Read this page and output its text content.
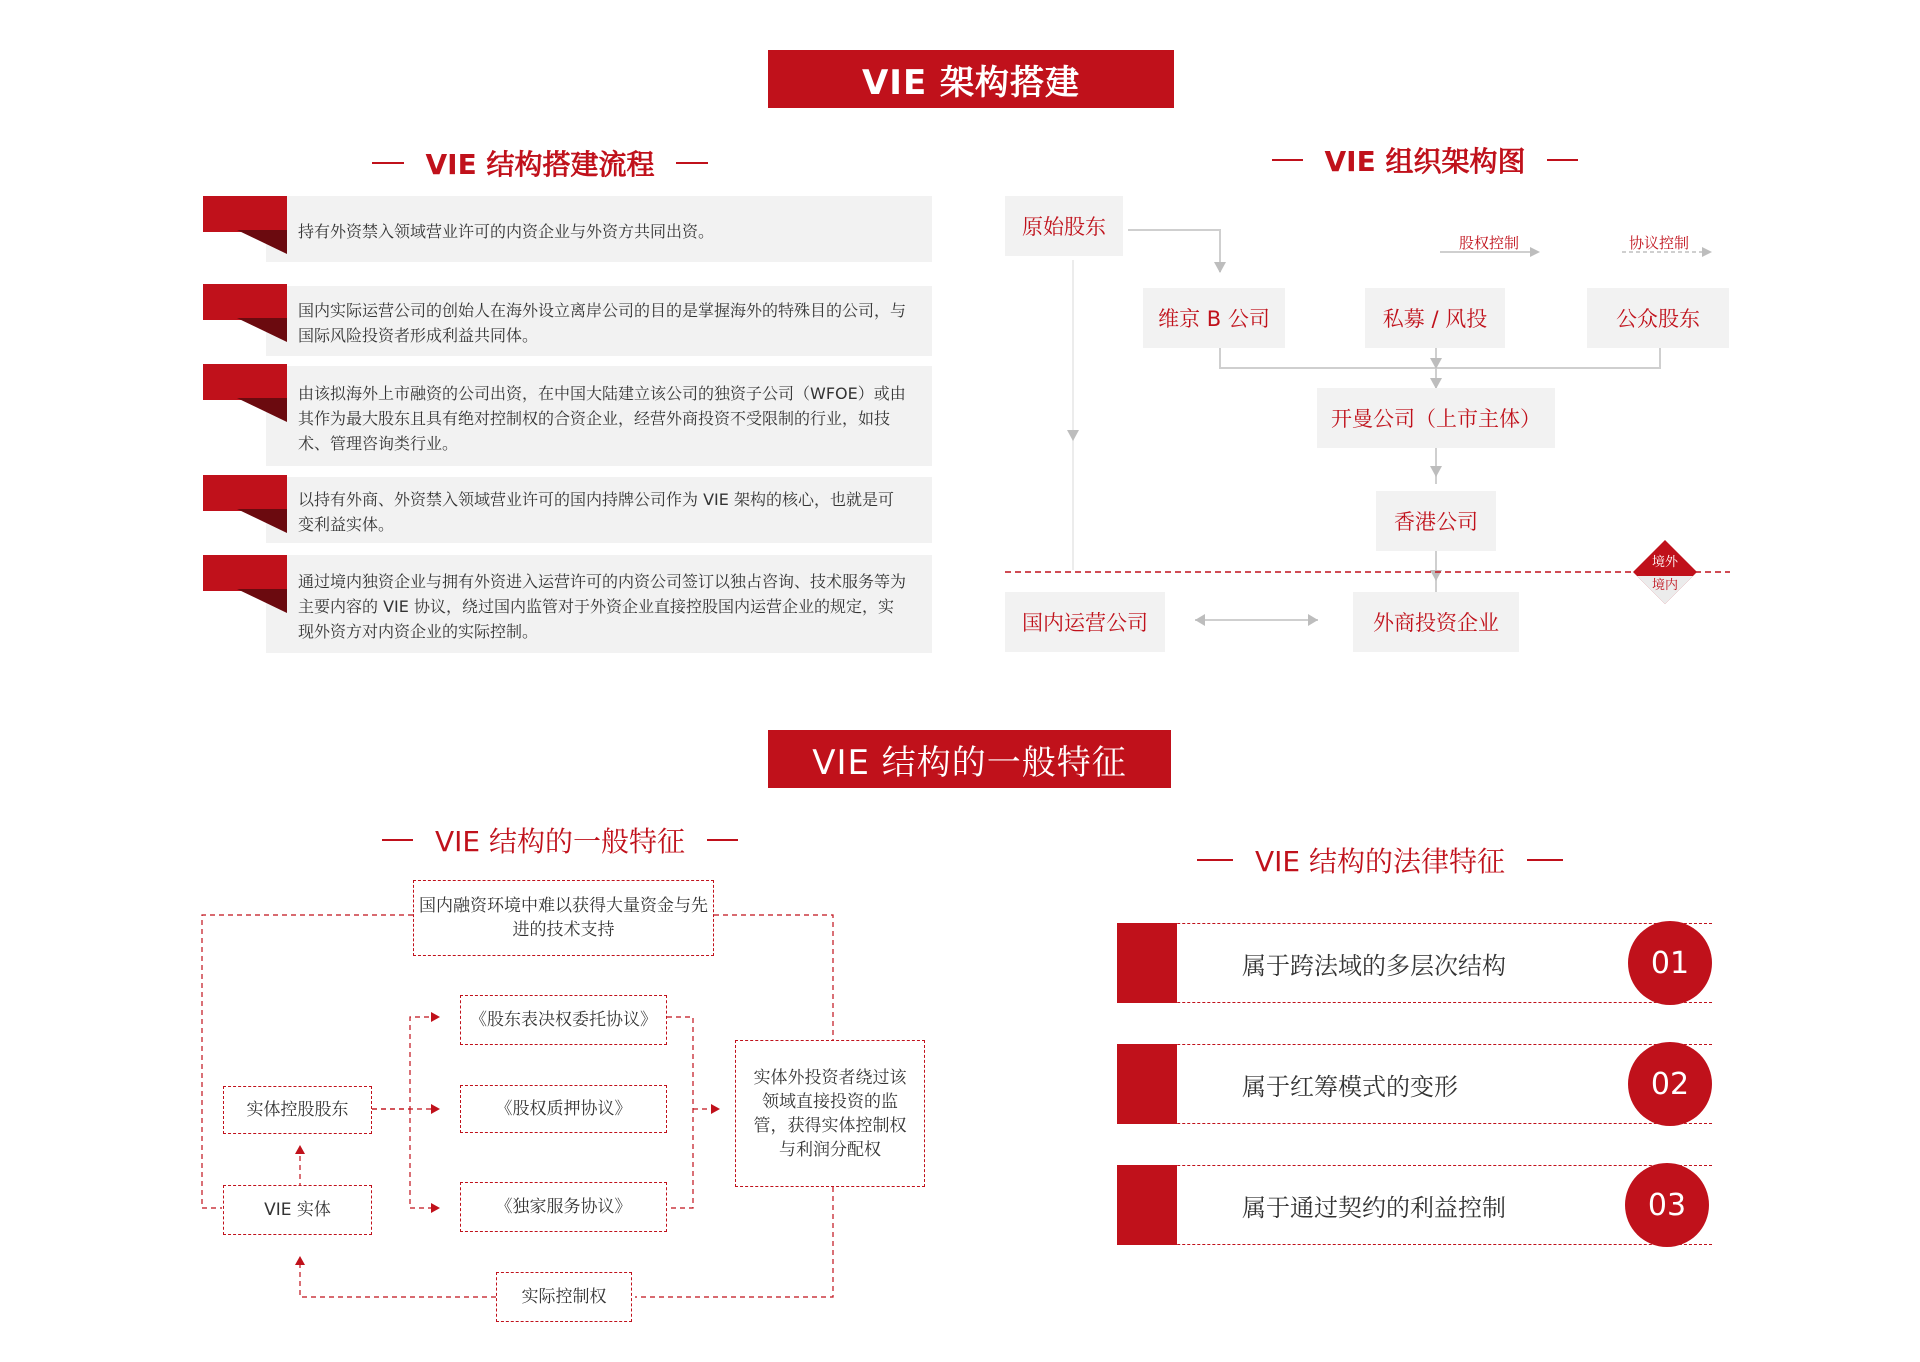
VIE 架构搭建
VIE 结构搭建流程	VIE 组织架构图
持有外资禁入领域营业许可的内资企业与外资方共同出资。
国内实际运营公司的创始人在海外设立离岸公司的目的是掌握海外的特殊目的公司，与国际风险投资者形成利益共同体。
由该拟海外上市融资的公司出资，在中国大陆建立该公司的独资子公司（WFOE）或由其作为最大股东且具有绝对控制权的合资企业，经营外商投资不受限制的行业，如技术、管理咨询类行业。
以持有外商、外资禁入领域营业许可的国内持牌公司作为 VIE 架构的核心，也就是可变利益实体。
通过境内独资企业与拥有外资进入运营许可的内资公司签订以独占咨询、技术服务等为主要内容的 VIE 协议，绕过国内监管对于外资企业直接控股国内运营企业的规定，实现外资方对内资企业的实际控制。
股权控制	协议控制
境外
境内
原始股东
维京 B 公司	私募 / 风投	公众股东
开曼公司（上市主体）
香港公司
国内运营公司	外商投资企业
VIE 结构的一般特征
VIE 结构的一般特征
VIE 结构的法律特征
国内融资环境中难以获得大量资金与先进的技术支持
《股东表决权委托协议》
《股权质押协议》
《独家服务协议》
实体控股股东
VIE 实体
实体外投资者绕过该领域直接投资的监管，获得实体控制权与利润分配权
实际控制权
属于跨法域的多层次结构	01
属于红筹模式的变形	02
属于通过契约的利益控制	03
